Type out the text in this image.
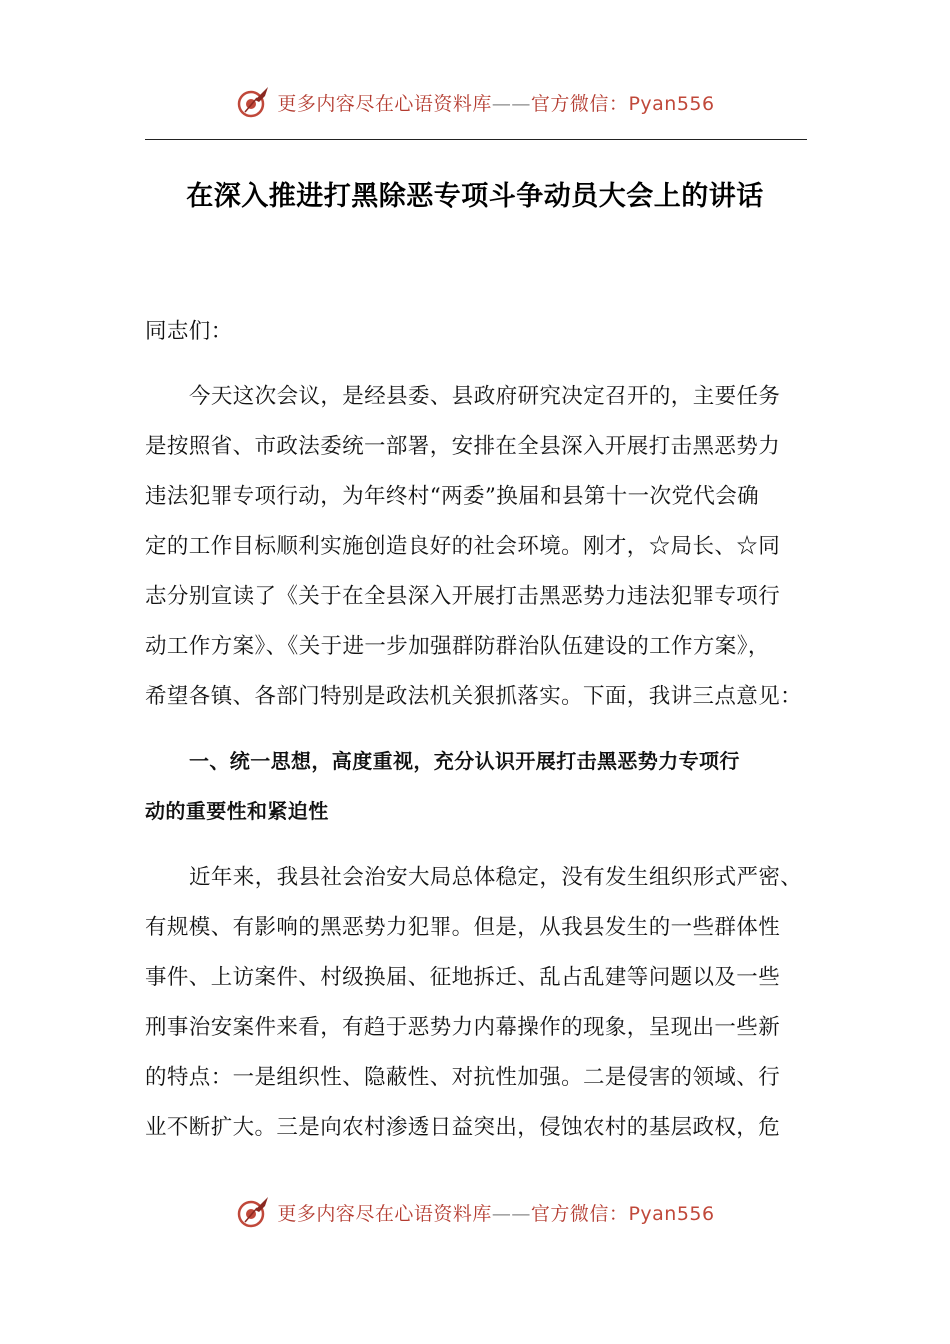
更多内容尽在心语资料库——官方微信：Pyan556
在深入推进打黑除恶专项斗争动员大会上的讲话
同志们：
今天这次会议，是经县委、县政府研究决定召开的，主要任务
是按照省、市政法委统一部署，安排在全县深入开展打击黑恶势力
违法犯罪专项行动，为年终村“两委”换届和县第十一次党代会确
定的工作目标顺利实施创造良好的社会环境。刚才，☆局长、☆同
志分别宣读了《关于在全县深入开展打击黑恶势力违法犯罪专项行
动工作方案》、《关于进一步加强群防群治队伍建设的工作方案》，
希望各镇、各部门特别是政法机关狠抓落实。下面，我讲三点意见：
一、统一思想，高度重视，充分认识开展打击黑恶势力专项行
动的重要性和紧迫性
近年来，我县社会治安大局总体稳定，没有发生组织形式严密、
有规模、有影响的黑恶势力犯罪。但是，从我县发生的一些群体性
事件、上访案件、村级换届、征地拆迁、乱占乱建等问题以及一些
刑事治安案件来看，有趋于恶势力内幕操作的现象，呈现出一些新
的特点：一是组织性、隐蔽性、对抗性加强。二是侵害的领域、行
业不断扩大。三是向农村渗透日益突出，侵蚀农村的基层政权，危
更多内容尽在心语资料库——官方微信：Pyan556
